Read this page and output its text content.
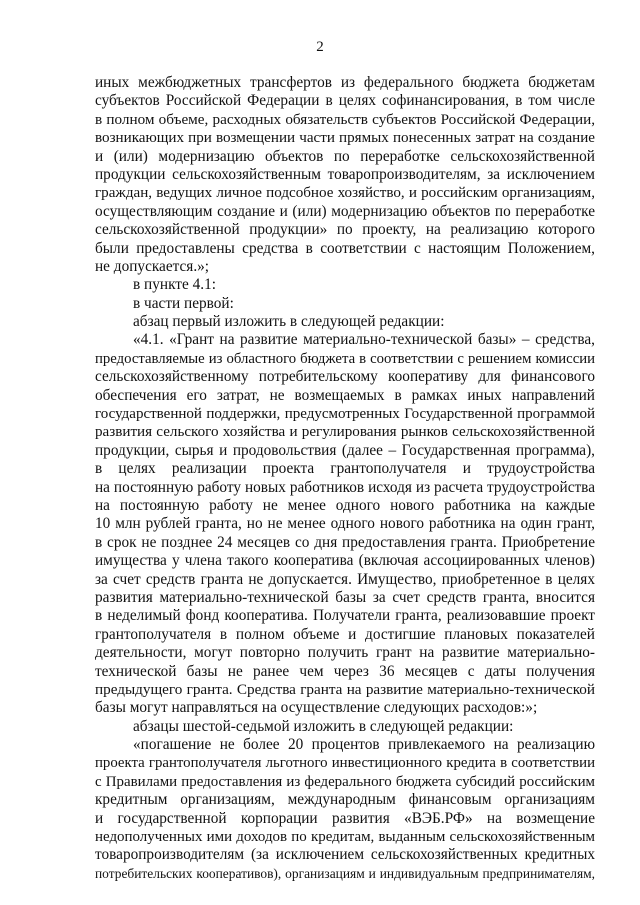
2
иных межбюджетных трансфертов из федерального бюджета бюджетам
субъектов Российской Федерации в целях софинансирования, в том числе
в полном объеме, расходных обязательств субъектов Российской Федерации,
возникающих при возмещении части прямых понесенных затрат на создание
и (или) модернизацию объектов по переработке сельскохозяйственной
продукции сельскохозяйственным товаропроизводителям, за исключением
граждан, ведущих личное подсобное хозяйство, и российским организациям,
осуществляющим создание и (или) модернизацию объектов по переработке
сельскохозяйственной продукции» по проекту, на реализацию которого
были предоставлены средства в соответствии с настоящим Положением,
не допускается.»;
в пункте 4.1:
в части первой:
абзац первый изложить в следующей редакции:
«4.1. «Грант на развитие материально-технической базы» – средства,
предоставляемые из областного бюджета в соответствии с решением комиссии
сельскохозяйственному потребительскому кооперативу для финансового
обеспечения его затрат, не возмещаемых в рамках иных направлений
государственной поддержки, предусмотренных Государственной программой
развития сельского хозяйства и регулирования рынков сельскохозяйственной
продукции, сырья и продовольствия (далее – Государственная программа),
в целях реализации проекта грантополучателя и трудоустройства
на постоянную работу новых работников исходя из расчета трудоустройства
на постоянную работу не менее одного нового работника на каждые
10 млн рублей гранта, но не менее одного нового работника на один грант,
в срок не позднее 24 месяцев со дня предоставления гранта. Приобретение
имущества у члена такого кооператива (включая ассоциированных членов)
за счет средств гранта не допускается. Имущество, приобретенное в целях
развития материально-технической базы за счет средств гранта, вносится
в неделимый фонд кооператива. Получатели гранта, реализовавшие проект
грантополучателя в полном объеме и достигшие плановых показателей
деятельности, могут повторно получить грант на развитие материально-
технической базы не ранее чем через 36 месяцев с даты получения
предыдущего гранта. Средства гранта на развитие материально-технической
базы могут направляться на осуществление следующих расходов:»;
абзацы шестой-седьмой изложить в следующей редакции:
«погашение не более 20 процентов привлекаемого на реализацию
проекта грантополучателя льготного инвестиционного кредита в соответствии
с Правилами предоставления из федерального бюджета субсидий российским
кредитным организациям, международным финансовым организациям
и государственной корпорации развития «ВЭБ.РФ» на возмещение
недополученных ими доходов по кредитам, выданным сельскохозяйственным
товаропроизводителям (за исключением сельскохозяйственных кредитных
потребительских кооперативов), организациям и индивидуальным предпринимателям,
